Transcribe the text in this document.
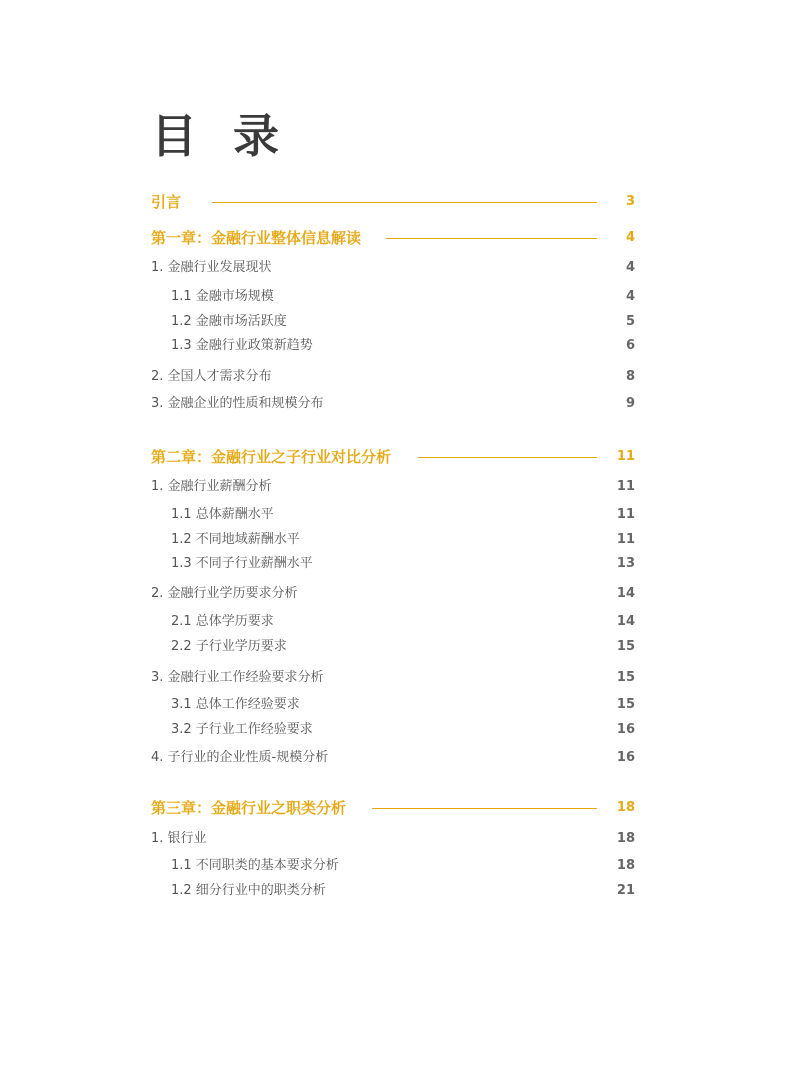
目 录
引言	3
第一章：金融行业整体信息解读	4
1. 金融行业发展现状	4
1.1 金融市场规模	4
1.2 金融市场活跃度	5
1.3 金融行业政策新趋势	6
2. 全国人才需求分布	8
3. 金融企业的性质和规模分布	9
第二章：金融行业之子行业对比分析	11
1. 金融行业薪酬分析	11
1.1 总体薪酬水平	11
1.2 不同地域薪酬水平	11
1.3 不同子行业薪酬水平	13
2. 金融行业学历要求分析	14
2.1 总体学历要求	14
2.2 子行业学历要求	15
3. 金融行业工作经验要求分析	15
3.1 总体工作经验要求	15
3.2 子行业工作经验要求	16
4. 子行业的企业性质-规模分析	16
第三章：金融行业之职类分析	18
1. 银行业	18
1.1 不同职类的基本要求分析	18
1.2 细分行业中的职类分析	21
